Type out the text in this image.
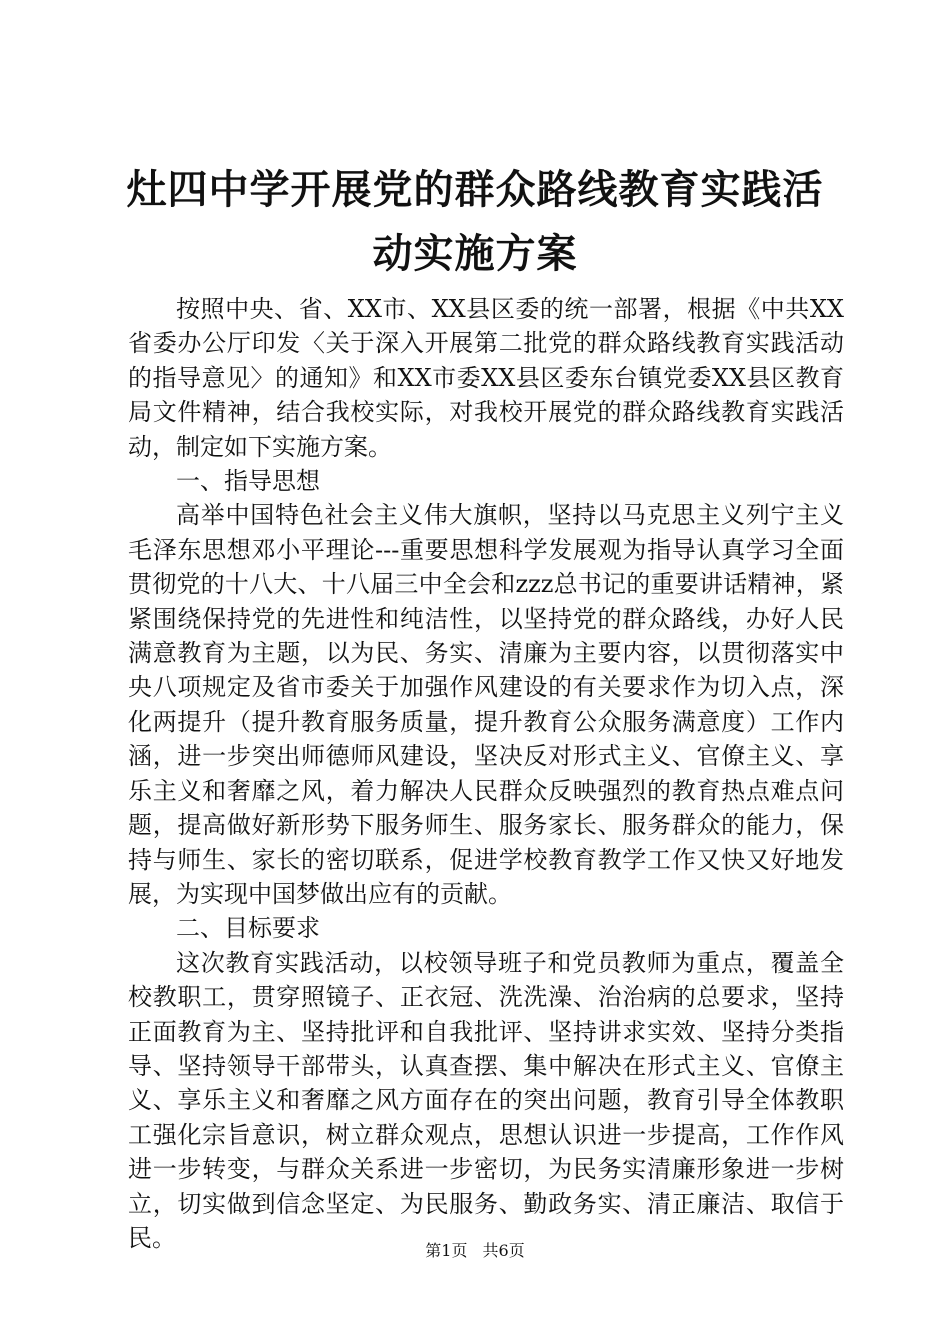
灶四中学开展党的群众路线教育实践活动实施方案

按照中央、省、XX市、XX县区委的统一部署，根据《中共XX省委办公厅印发〈关于深入开展第二批党的群众路线教育实践活动的指导意见〉的通知》和XX市委XX县区委东台镇党委XX县区教育局文件精神，结合我校实际，对我校开展党的群众路线教育实践活动，制定如下实施方案。

一、指导思想

高举中国特色社会主义伟大旗帜，坚持以马克思主义列宁主义毛泽东思想邓小平理论---重要思想科学发展观为指导认真学习全面贯彻党的十八大、十八届三中全会和zzz总书记的重要讲话精神，紧紧围绕保持党的先进性和纯洁性，以坚持党的群众路线，办好人民满意教育为主题，以为民、务实、清廉为主要内容，以贯彻落实中央八项规定及省市委关于加强作风建设的有关要求作为切入点，深化两提升（提升教育服务质量，提升教育公众服务满意度）工作内涵，进一步突出师德师风建设，坚决反对形式主义、官僚主义、享乐主义和奢靡之风，着力解决人民群众反映强烈的教育热点难点问题，提高做好新形势下服务师生、服务家长、服务群众的能力，保持与师生、家长的密切联系，促进学校教育教学工作又快又好地发展，为实现中国梦做出应有的贡献。

二、目标要求

这次教育实践活动，以校领导班子和党员教师为重点，覆盖全校教职工，贯穿照镜子、正衣冠、洗洗澡、治治病的总要求，坚持正面教育为主、坚持批评和自我批评、坚持讲求实效、坚持分类指导、坚持领导干部带头，认真查摆、集中解决在形式主义、官僚主义、享乐主义和奢靡之风方面存在的突出问题，教育引导全体教职工强化宗旨意识，树立群众观点，思想认识进一步提高，工作作风进一步转变，与群众关系进一步密切，为民务实清廉形象进一步树立，切实做到信念坚定、为民服务、勤政务实、清正廉洁、取信于民。	第1页 共6页
